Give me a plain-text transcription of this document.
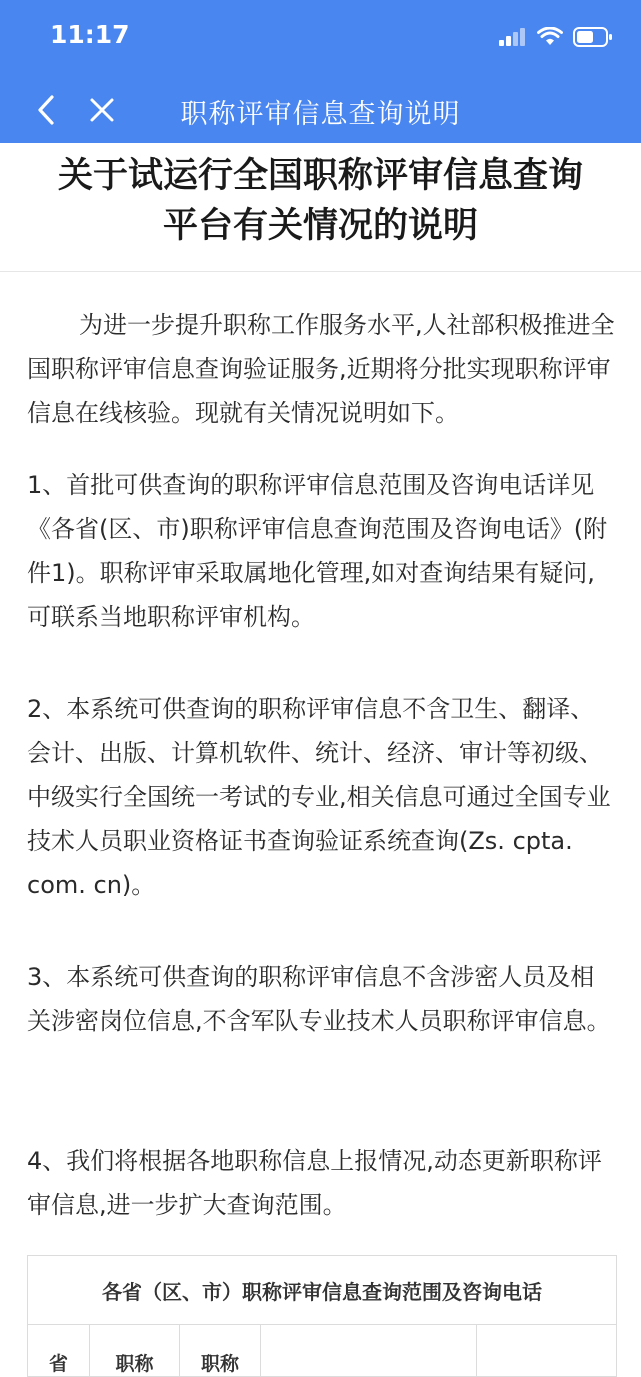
11:17
职称评审信息查询说明
关于试运行全国职称评审信息查询
平台有关情况的说明
为进一步提升职称工作服务水平,人社部积极推进全国职称评审信息查询验证服务,近期将分批实现职称评审信息在线核验。现就有关情况说明如下。
1、首批可供查询的职称评审信息范围及咨询电话详见《各省(区、市)职称评审信息查询范围及咨询电话》(附件1)。职称评审采取属地化管理,如对查询结果有疑问,可联系当地职称评审机构。
2、本系统可供查询的职称评审信息不含卫生、翻译、会计、出版、计算机软件、统计、经济、审计等初级、中级实行全国统一考试的专业,相关信息可通过全国专业技术人员职业资格证书查询验证系统查询(Zs. cpta. com. cn)。
3、本系统可供查询的职称评审信息不含涉密人员及相关涉密岗位信息,不含军队专业技术人员职称评审信息。
4、我们将根据各地职称信息上报情况,动态更新职称评审信息,进一步扩大查询范围。
各省（区、市）职称评审信息查询范围及咨询电话
省	职称	职称
